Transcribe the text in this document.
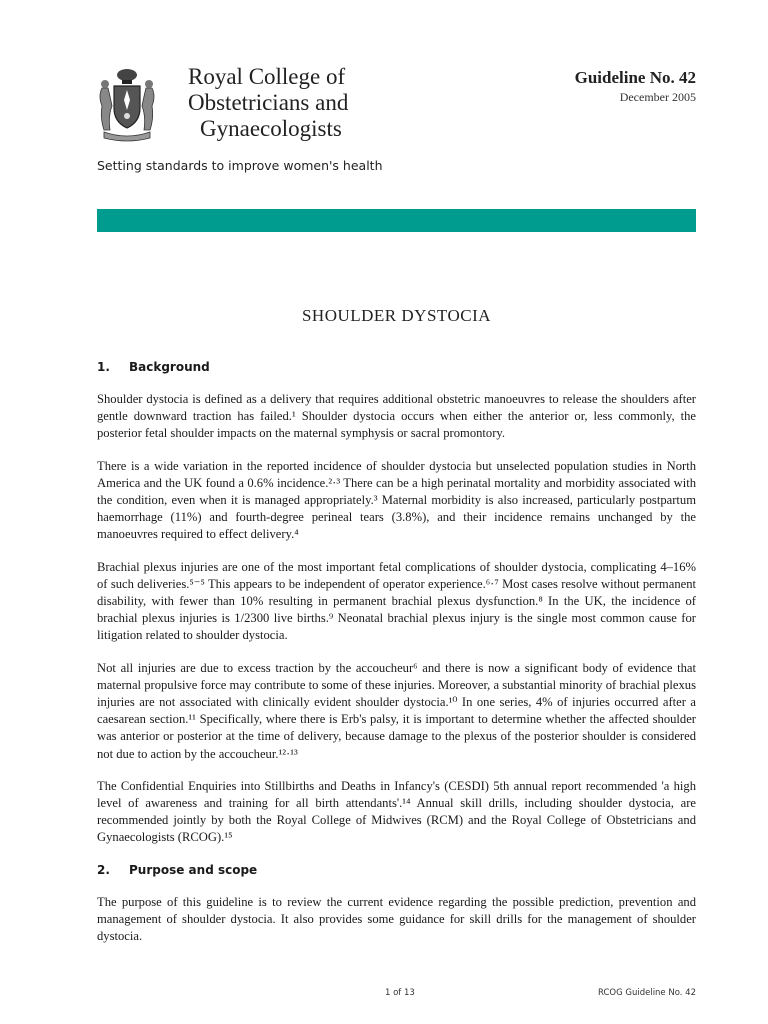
Royal College of
Obstetricians and
Gynaecologists
Setting standards to improve women's health
Guideline No. 42
December 2005
SHOULDER DYSTOCIA
1.	Background

Shoulder dystocia is defined as a delivery that requires additional obstetric manoeuvres to release the shoulders after gentle downward traction has failed.¹ Shoulder dystocia occurs when either the anterior or, less commonly, the posterior fetal shoulder impacts on the maternal symphysis or sacral promontory.

There is a wide variation in the reported incidence of shoulder dystocia but unselected population studies in North America and the UK found a 0.6% incidence.²·³ There can be a high perinatal mortality and morbidity associated with the condition, even when it is managed appropriately.³ Maternal morbidity is also increased, particularly postpartum haemorrhage (11%) and fourth-degree perineal tears (3.8%), and their incidence remains unchanged by the manoeuvres required to effect delivery.⁴

Brachial plexus injuries are one of the most important fetal complications of shoulder dystocia, complicating 4–16% of such deliveries.⁵⁻⁵ This appears to be independent of operator experience.⁶·⁷ Most cases resolve without permanent disability, with fewer than 10% resulting in permanent brachial plexus dysfunction.⁸ In the UK, the incidence of brachial plexus injuries is 1/2300 live births.⁹ Neonatal brachial plexus injury is the single most common cause for litigation related to shoulder dystocia.

Not all injuries are due to excess traction by the accoucheur⁶ and there is now a significant body of evidence that maternal propulsive force may contribute to some of these injuries. Moreover, a substantial minority of brachial plexus injuries are not associated with clinically evident shoulder dystocia.¹⁰ In one series, 4% of injuries occurred after a caesarean section.¹¹ Specifically, where there is Erb's palsy, it is important to determine whether the affected shoulder was anterior or posterior at the time of delivery, because damage to the plexus of the posterior shoulder is considered not due to action by the accoucheur.¹²·¹³

The Confidential Enquiries into Stillbirths and Deaths in Infancy's (CESDI) 5th annual report recommended 'a high level of awareness and training for all birth attendants'.¹⁴ Annual skill drills, including shoulder dystocia, are recommended jointly by both the Royal College of Midwives (RCM) and the Royal College of Obstetricians and Gynaecologists (RCOG).¹⁵

2.	Purpose and scope

The purpose of this guideline is to review the current evidence regarding the possible prediction, prevention and management of shoulder dystocia. It also provides some guidance for skill drills for the management of shoulder dystocia.

1 of 13	RCOG Guideline No. 42
